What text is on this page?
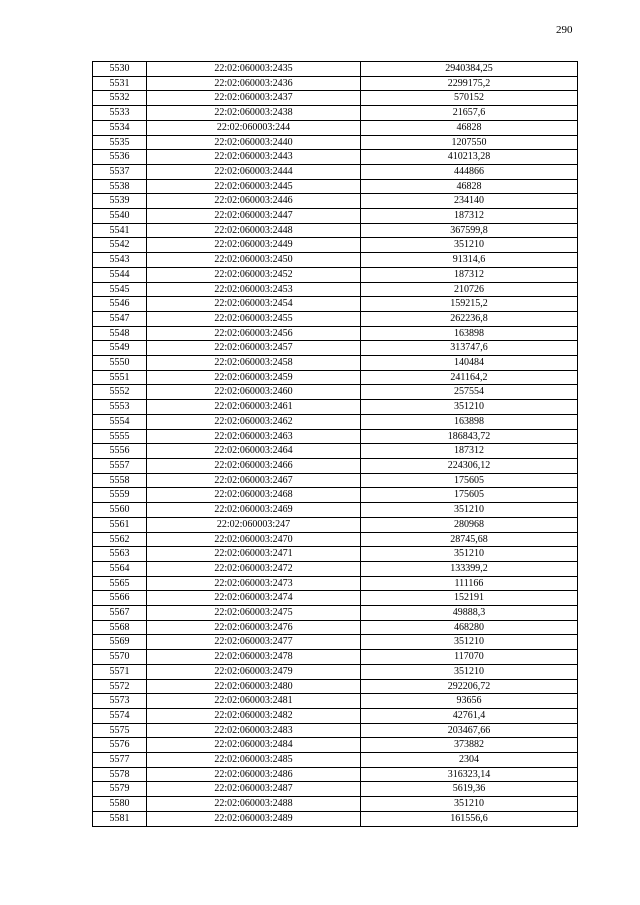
290
5530	22:02:060003:2435	2940384,25
5531	22:02:060003:2436	2299175,2
5532	22:02:060003:2437	570152
5533	22:02:060003:2438	21657,6
5534	22:02:060003:244	46828
5535	22:02:060003:2440	1207550
5536	22:02:060003:2443	410213,28
5537	22:02:060003:2444	444866
5538	22:02:060003:2445	46828
5539	22:02:060003:2446	234140
5540	22:02:060003:2447	187312
5541	22:02:060003:2448	367599,8
5542	22:02:060003:2449	351210
5543	22:02:060003:2450	91314,6
5544	22:02:060003:2452	187312
5545	22:02:060003:2453	210726
5546	22:02:060003:2454	159215,2
5547	22:02:060003:2455	262236,8
5548	22:02:060003:2456	163898
5549	22:02:060003:2457	313747,6
5550	22:02:060003:2458	140484
5551	22:02:060003:2459	241164,2
5552	22:02:060003:2460	257554
5553	22:02:060003:2461	351210
5554	22:02:060003:2462	163898
5555	22:02:060003:2463	186843,72
5556	22:02:060003:2464	187312
5557	22:02:060003:2466	224306,12
5558	22:02:060003:2467	175605
5559	22:02:060003:2468	175605
5560	22:02:060003:2469	351210
5561	22:02:060003:247	280968
5562	22:02:060003:2470	28745,68
5563	22:02:060003:2471	351210
5564	22:02:060003:2472	133399,2
5565	22:02:060003:2473	111166
5566	22:02:060003:2474	152191
5567	22:02:060003:2475	49888,3
5568	22:02:060003:2476	468280
5569	22:02:060003:2477	351210
5570	22:02:060003:2478	117070
5571	22:02:060003:2479	351210
5572	22:02:060003:2480	292206,72
5573	22:02:060003:2481	93656
5574	22:02:060003:2482	42761,4
5575	22:02:060003:2483	203467,66
5576	22:02:060003:2484	373882
5577	22:02:060003:2485	2304
5578	22:02:060003:2486	316323,14
5579	22:02:060003:2487	5619,36
5580	22:02:060003:2488	351210
5581	22:02:060003:2489	161556,6
